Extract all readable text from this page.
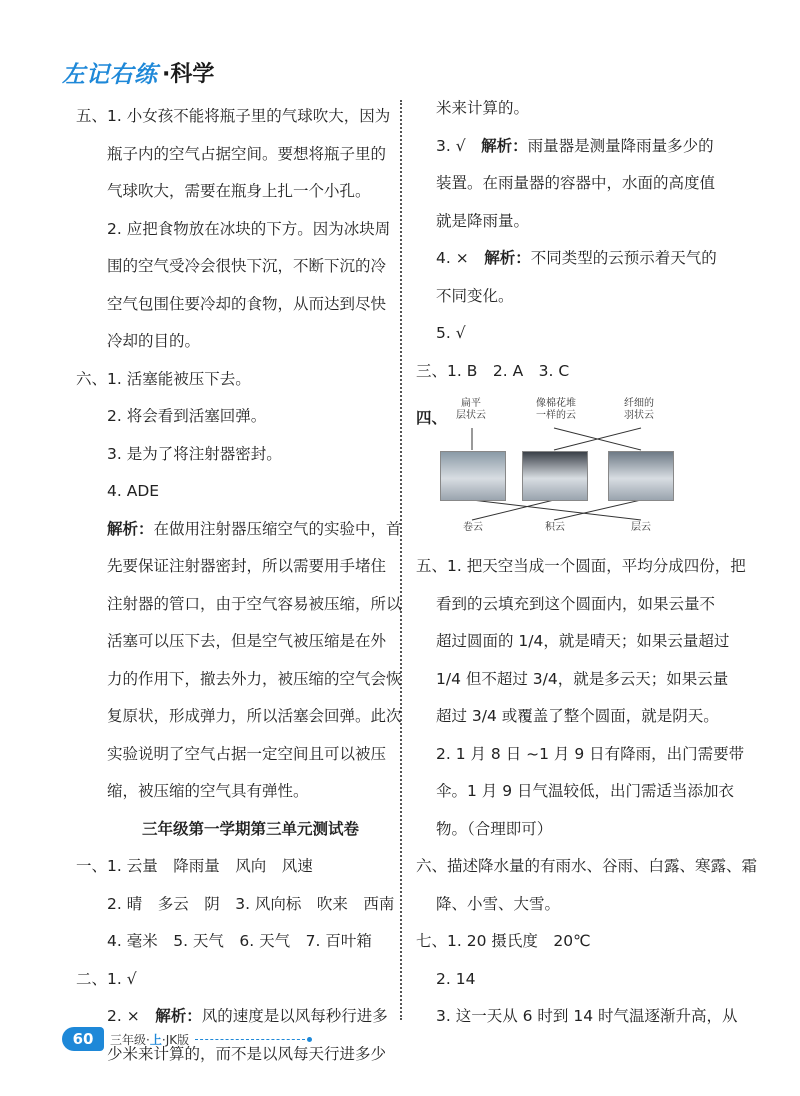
左记右练 ·科学
五、1. 小女孩不能将瓶子里的气球吹大，因为
瓶子内的空气占据空间。要想将瓶子里的
气球吹大，需要在瓶身上扎一个小孔。
2. 应把食物放在冰块的下方。因为冰块周
围的空气受冷会很快下沉，不断下沉的冷
空气包围住要冷却的食物，从而达到尽快
冷却的目的。
六、1. 活塞能被压下去。
2. 将会看到活塞回弹。
3. 是为了将注射器密封。
4. ADE
解析：在做用注射器压缩空气的实验中，首
先要保证注射器密封，所以需要用手堵住
注射器的管口，由于空气容易被压缩，所以
活塞可以压下去，但是空气被压缩是在外
力的作用下，撤去外力，被压缩的空气会恢
复原状，形成弹力，所以活塞会回弹。此次
实验说明了空气占据一定空间且可以被压
缩，被压缩的空气具有弹性。
三年级第一学期第三单元测试卷
一、1. 云量　降雨量　风向　风速
2. 晴　多云　阴　3. 风向标　吹来　西南
4. 毫米　5. 天气　6. 天气　7. 百叶箱
二、1. √
2. ×　解析：风的速度是以风每秒行进多
少米来计算的，而不是以风每天行进多少
米来计算的。
3. √　解析：雨量器是测量降雨量多少的
装置。在雨量器的容器中，水面的高度值
就是降雨量。
4. ×　解析：不同类型的云预示着天气的
不同变化。
5. √
三、1. B　2. A　3. C
四、
扁平
层状云
像棉花堆
一样的云
纤细的
羽状云
卷云	积云	层云
五、1. 把天空当成一个圆面，平均分成四份，把
看到的云填充到这个圆面内，如果云量不
超过圆面的 1/4，就是晴天；如果云量超过
1/4 但不超过 3/4，就是多云天；如果云量
超过 3/4 或覆盖了整个圆面，就是阴天。
2. 1 月 8 日 ~1 月 9 日有降雨，出门需要带
伞。1 月 9 日气温较低，出门需适当添加衣
物。（合理即可）
六、描述降水量的有雨水、谷雨、白露、寒露、霜
降、小雪、大雪。
七、1. 20 摄氏度　20℃
2. 14
3. 这一天从 6 时到 14 时气温逐渐升高，从
60	三年级·上·JK版
